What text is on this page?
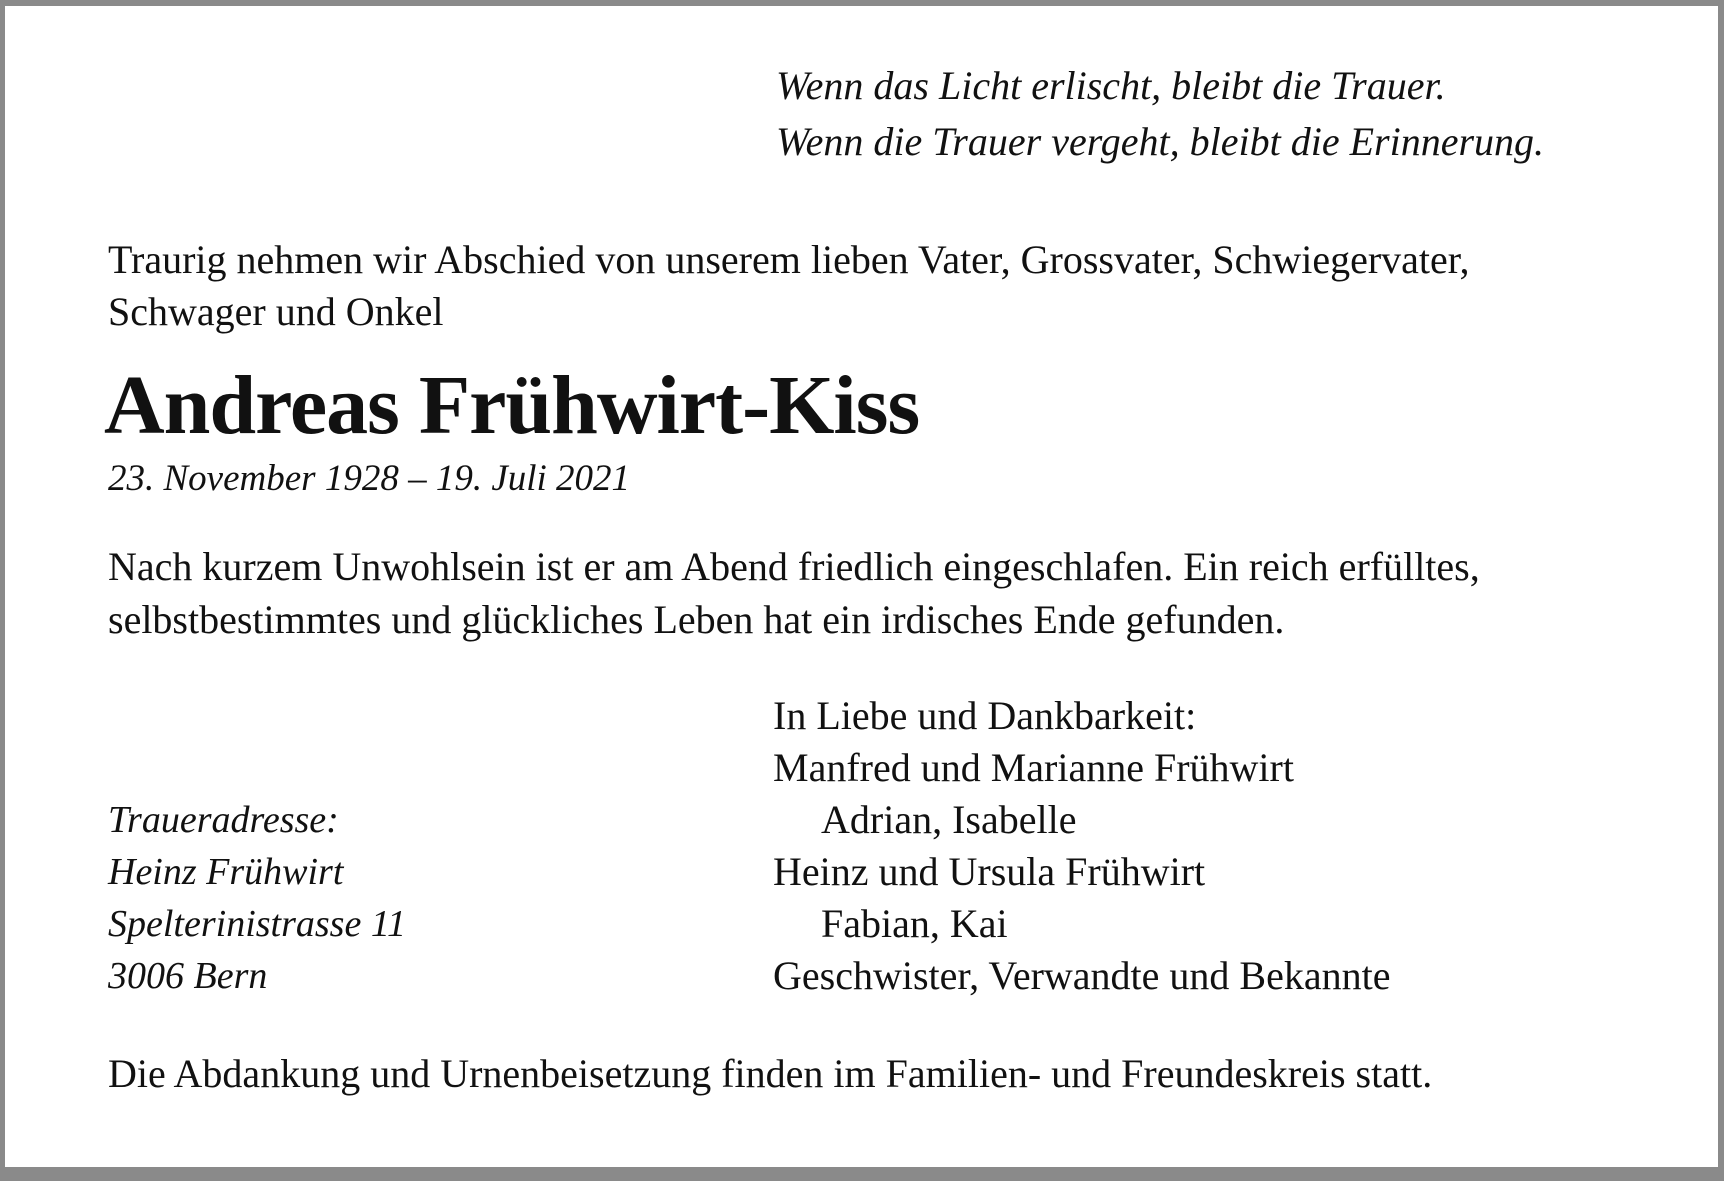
Wenn das Licht erlischt, bleibt die Trauer.
Wenn die Trauer vergeht, bleibt die Erinnerung.
Traurig nehmen wir Abschied von unserem lieben Vater, Grossvater, Schwiegervater,
Schwager und Onkel
Andreas Frühwirt-Kiss
23. November 1928 – 19. Juli 2021
Nach kurzem Unwohlsein ist er am Abend friedlich eingeschlafen. Ein reich erfülltes,
selbstbestimmtes und glückliches Leben hat ein irdisches Ende gefunden.
In Liebe und Dankbarkeit:
Manfred und Marianne Frühwirt
Adrian, Isabelle
Heinz und Ursula Frühwirt
Fabian, Kai
Geschwister, Verwandte und Bekannte
Traueradresse:
Heinz Frühwirt
Spelterinistrasse 11
3006 Bern
Die Abdankung und Urnenbeisetzung finden im Familien- und Freundeskreis statt.
